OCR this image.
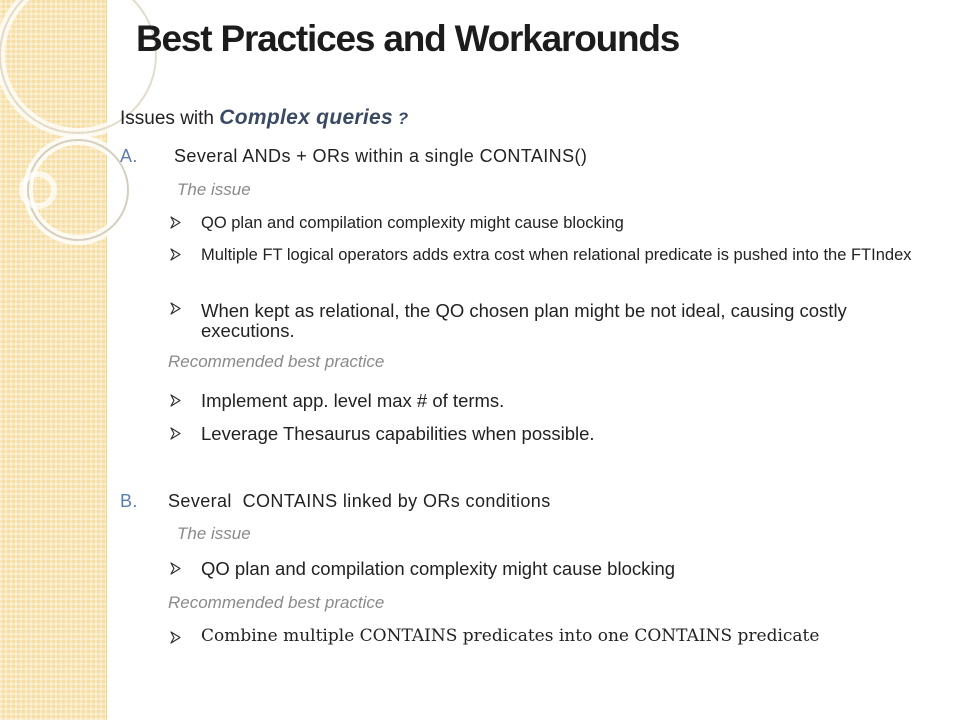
Best Practices and Workarounds
Issues with Complex queries ?
A. Several ANDs + ORs within a single CONTAINS()
The issue
QO plan and compilation complexity might cause blocking
Multiple FT logical operators adds extra cost when relational predicate is pushed into the FTIndex
When kept as relational, the QO chosen plan might be not ideal, causing costly executions.
Recommended best practice
Implement app. level max # of terms.
Leverage Thesaurus capabilities when possible.
B. Several  CONTAINS linked by ORs conditions
The issue
QO plan and compilation complexity might cause blocking
Recommended best practice
Combine multiple CONTAINS predicates into one CONTAINS predicate
